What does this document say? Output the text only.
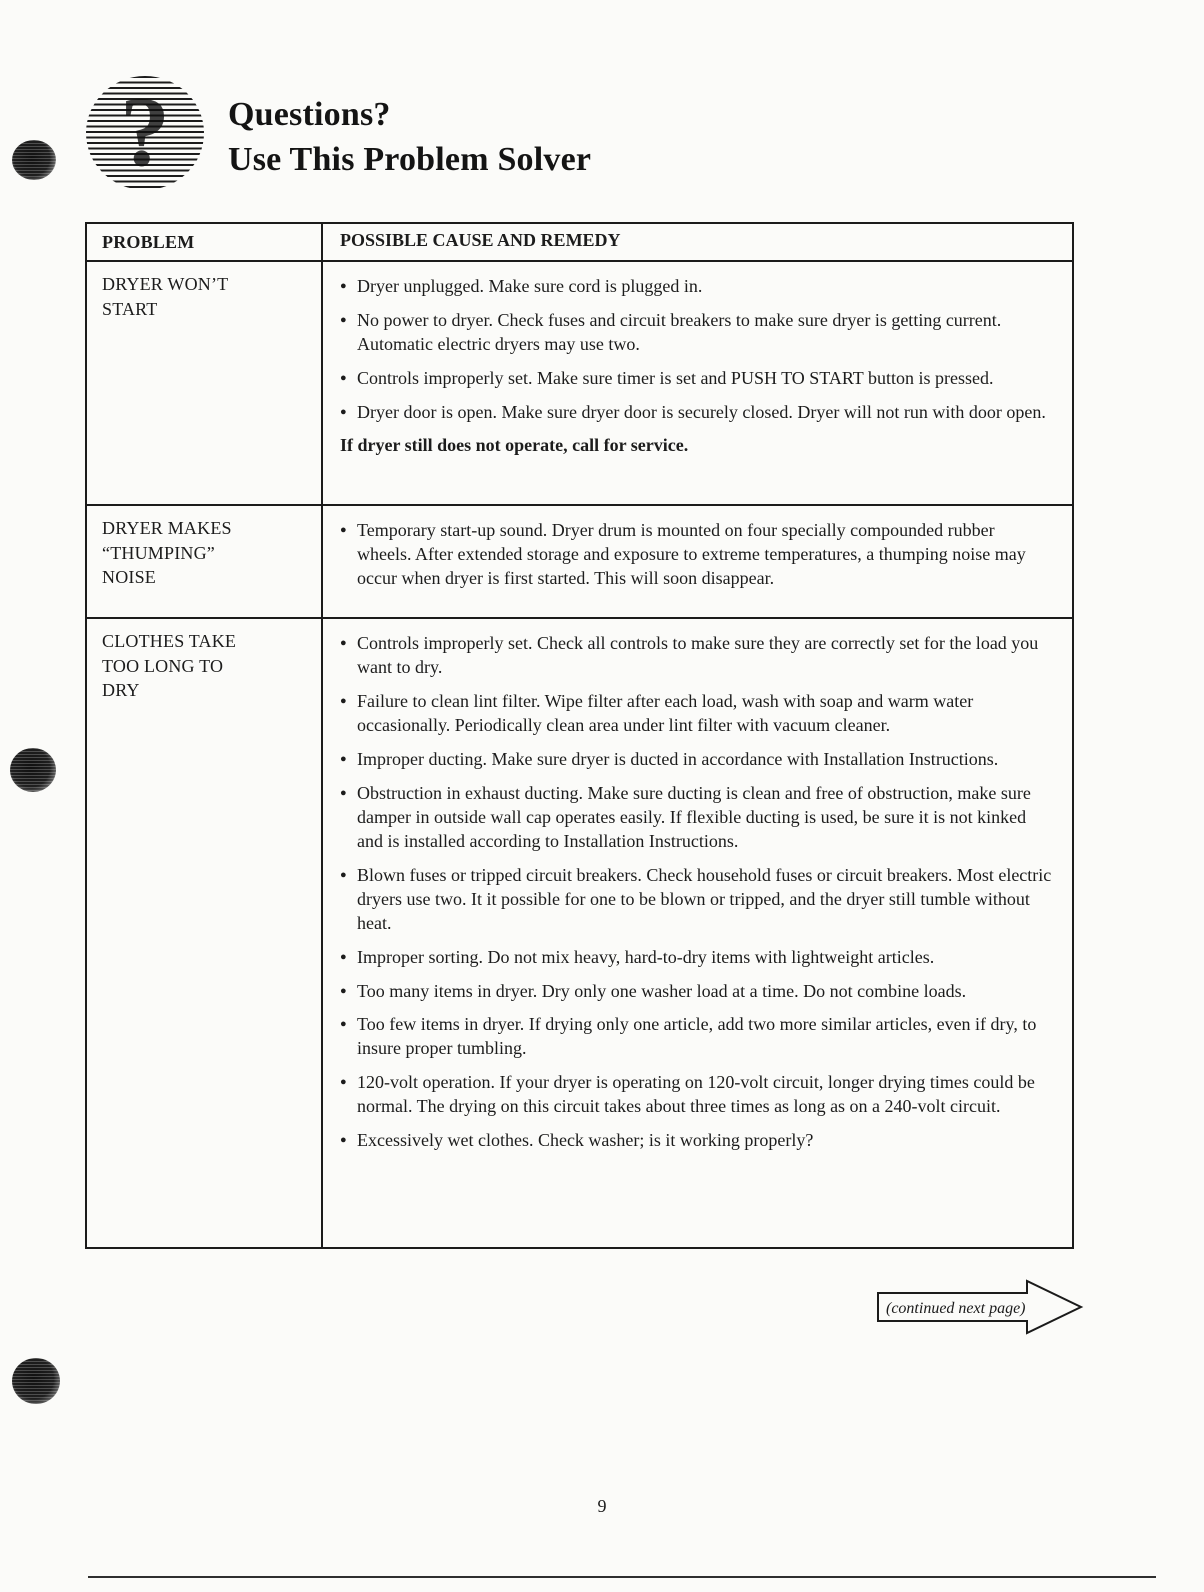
?	Questions?
Use This Problem Solver
PROBLEM	POSSIBLE CAUSE AND REMEDY
DRYER WON’T START
● Dryer unplugged. Make sure cord is plugged in.
● No power to dryer. Check fuses and circuit breakers to make sure dryer is getting current. Automatic electric dryers may use two.
● Controls improperly set. Make sure timer is set and PUSH TO START button is pressed.
● Dryer door is open. Make sure dryer door is securely closed. Dryer will not run with door open.
If dryer still does not operate, call for service.
DRYER MAKES “THUMPING” NOISE
● Temporary start-up sound. Dryer drum is mounted on four specially compounded rubber wheels. After extended storage and exposure to extreme temperatures, a thumping noise may occur when dryer is first started. This will soon disappear.
CLOTHES TAKE TOO LONG TO DRY
● Controls improperly set. Check all controls to make sure they are correctly set for the load you want to dry.
● Failure to clean lint filter. Wipe filter after each load, wash with soap and warm water occasionally. Periodically clean area under lint filter with vacuum cleaner.
● Improper ducting. Make sure dryer is ducted in accordance with Installation Instructions.
● Obstruction in exhaust ducting. Make sure ducting is clean and free of obstruction, make sure damper in outside wall cap operates easily. If flexible ducting is used, be sure it is not kinked and is installed according to Installation Instructions.
● Blown fuses or tripped circuit breakers. Check household fuses or circuit breakers. Most electric dryers use two. It it possible for one to be blown or tripped, and the dryer still tumble without heat.
● Improper sorting. Do not mix heavy, hard-to-dry items with lightweight articles.
● Too many items in dryer. Dry only one washer load at a time. Do not combine loads.
● Too few items in dryer. If drying only one article, add two more similar articles, even if dry, to insure proper tumbling.
● 120-volt operation. If your dryer is operating on 120-volt circuit, longer drying times could be normal. The drying on this circuit takes about three times as long as on a 240-volt circuit.
● Excessively wet clothes. Check washer; is it working properly?
(continued next page)
9
